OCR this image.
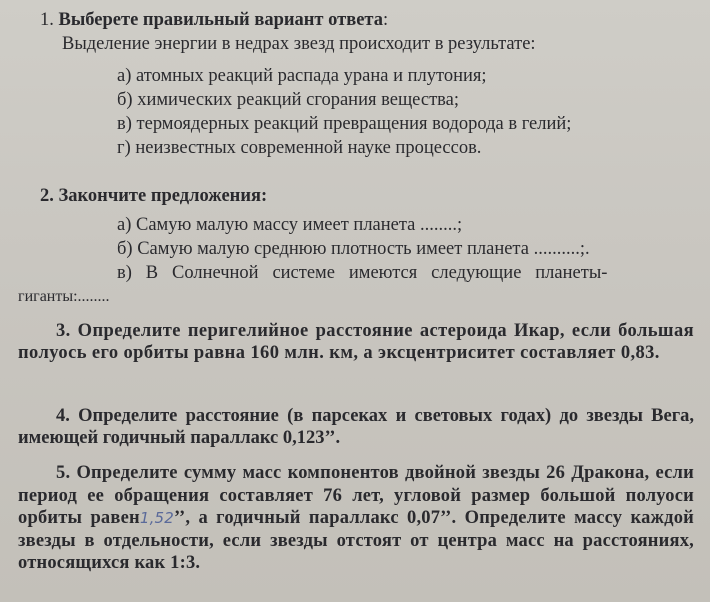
1. Выберете правильный вариант ответа:
Выделение энергии в недрах звезд происходит в результате:
а) атомных реакций распада урана и плутония;
б) химических реакций сгорания вещества;
в) термоядерных реакций превращения водорода в гелий;
г) неизвестных современной науке процессов.
2. Закончите предложения:
а) Самую малую массу имеет планета ........;
б) Самую малую среднюю плотность имеет планета ..........;.
в)   В   Солнечной   системе   имеются   следующие   планеты-
гиганты:........
3. Определите перигелийное расстояние астероида Икар, если большая полуось его орбиты равна 160 млн. км, а эксцентриситет составляет 0,83.
4. Определите расстояние (в парсеках и световых годах) до звезды Вега, имеющей годичный параллакс 0,123’’.
5. Определите сумму масс компонентов двойной звезды 26 Дракона, если период ее обращения составляет 76 лет, угловой размер большой полуоси орбиты равен1,52’’, а годичный параллакс 0,07’’. Определите массу каждой звезды в отдельности, если звезды отстоят от центра масс на расстояниях, относящихся как 1:3.
